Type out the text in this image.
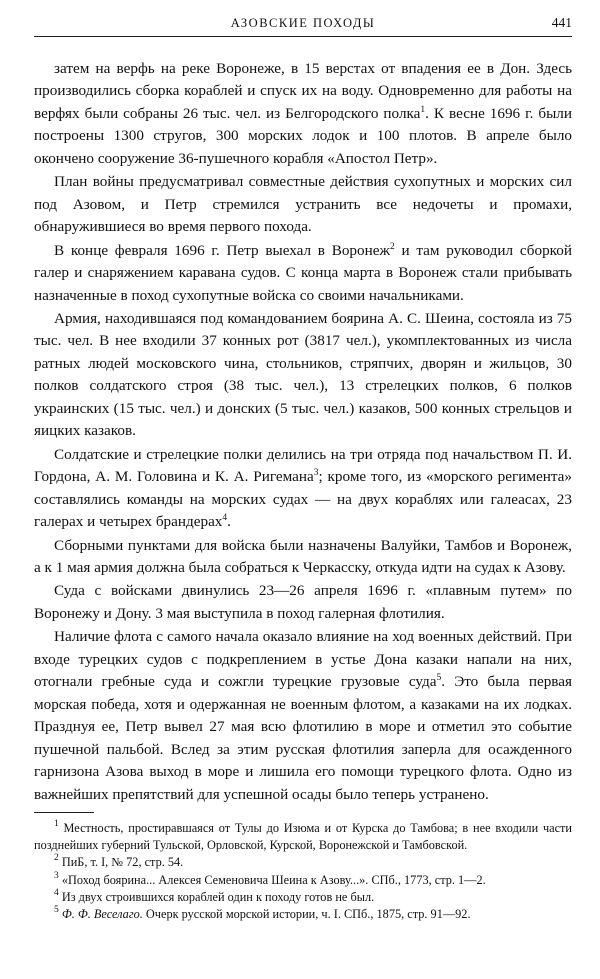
АЗОВСКИЕ ПОХОДЫ	441

затем на верфь на реке Воронеже, в 15 верстах от впадения ее в Дон. Здесь производились сборка кораблей и спуск их на воду. Одновременно для работы на верфях были собраны 26 тыс. чел. из Белгородского полка$^1$. К весне 1696 г. были построены 1300 стругов, 300 морских лодок и 100 плотов. В апреле было окончено сооружение 36-пушечного корабля «Апостол Петр».

План войны предусматривал совместные действия сухопутных и морских сил под Азовом, и Петр стремился устранить все недочеты и промахи, обнаружившиеся во время первого похода.

В конце февраля 1696 г. Петр выехал в Воронеж$^2$ и там руководил сборкой галер и снаряжением каравана судов. С конца марта в Воронеж стали прибывать назначенные в поход сухопутные войска со своими начальниками.

Армия, находившаяся под командованием боярина А. С. Шеина, состояла из 75 тыс. чел. В нее входили 37 конных рот (3817 чел.), укомплектованных из числа ратных людей московского чина, стольников, стряпчих, дворян и жильцов, 30 полков солдатского строя (38 тыс. чел.), 13 стрелецких полков, 6 полков украинских (15 тыс. чел.) и донских (5 тыс. чел.) казаков, 500 конных стрельцов и яицких казаков.

Солдатские и стрелецкие полки делились на три отряда под начальством П. И. Гордона, А. М. Головина и К. А. Ригемана$^3$; кроме того, из «морского регимента» составлялись команды на морских судах — на двух кораблях или галеасах, 23 галерах и четырех брандерах$^4$.

Сборными пунктами для войска были назначены Валуйки, Тамбов и Воронеж, а к 1 мая армия должна была собраться к Черкасску, откуда идти на судах к Азову.

Суда с войсками двинулись 23—26 апреля 1696 г. «плавным путем» по Воронежу и Дону. 3 мая выступила в поход галерная флотилия.

Наличие флота с самого начала оказало влияние на ход военных действий. При входе турецких судов с подкреплением в устье Дона казаки напали на них, отогнали гребные суда и сожгли турецкие грузовые суда$^5$. Это была первая морская победа, хотя и одержанная не военным флотом, а казаками на их лодках. Празднуя ее, Петр вывел 27 мая всю флотилию в море и отметил это событие пушечной пальбой. Вслед за этим русская флотилия заперла для осажденного гарнизона Азова выход в море и лишила его помощи турецкого флота. Одно из важнейших препятствий для успешной осады было теперь устранено.

$^1$ Местность, простиравшаяся от Тулы до Изюма и от Курска до Тамбова; в нее входили части позднейших губерний Тульской, Орловской, Курской, Воронежской и Тамбовской.

$^2$ ПиБ, т. I, № 72, стр. 54.

$^3$ «Поход боярина... Алексея Семеновича Шеина к Азову...». СПб., 1773, стр. 1—2.

$^4$ Из двух строившихся кораблей один к походу готов не был.

$^5$ Ф. Ф. Веселаго. Очерк русской морской истории, ч. I. СПб., 1875, стр. 91—92.
